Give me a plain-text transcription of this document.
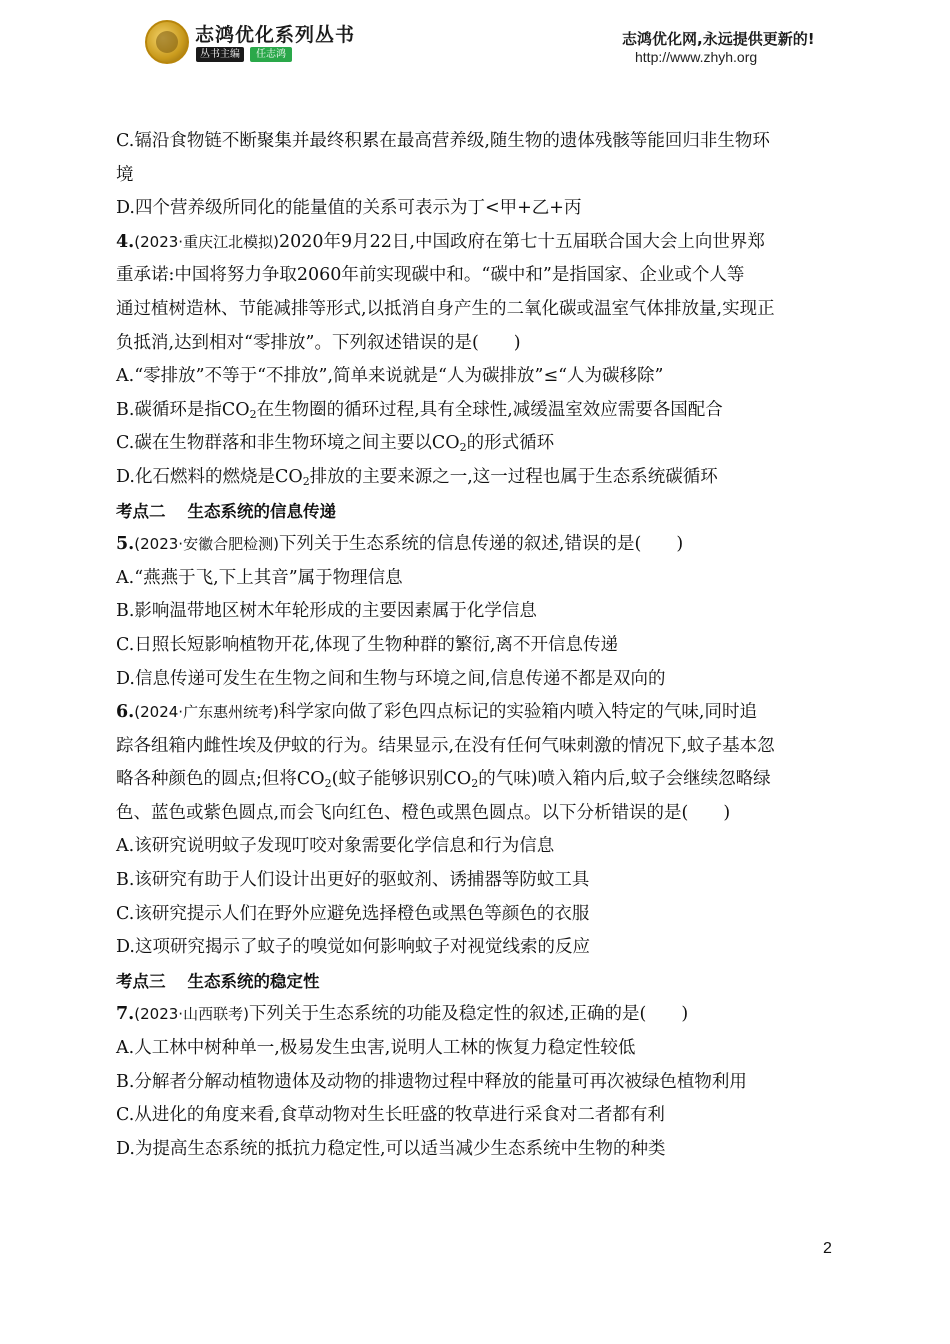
志鸿优化系列丛书
丛书主编	任志鸿
志鸿优化网,永远提供更新的!
http://www.zhyh.org

C.镉沿食物链不断聚集并最终积累在最高营养级,随生物的遗体残骸等能回归非生物环

境

D.四个营养级所同化的能量值的关系可表示为丁<甲+乙+丙

4.(2023·重庆江北模拟)2020年9月22日,中国政府在第七十五届联合国大会上向世界郑

重承诺:中国将努力争取2060年前实现碳中和。“碳中和”是指国家、企业或个人等

通过植树造林、节能减排等形式,以抵消自身产生的二氧化碳或温室气体排放量,实现正

负抵消,达到相对“零排放”。下列叙述错误的是(　　)

A.“零排放”不等于“不排放”,简单来说就是“人为碳排放”≤“人为碳移除”

B.碳循环是指$CO_2$在生物圈的循环过程,具有全球性,减缓温室效应需要各国配合

C.碳在生物群落和非生物环境之间主要以$CO_2$的形式循环

D.化石燃料的燃烧是$CO_2$排放的主要来源之一,这一过程也属于生态系统碳循环

考点二 生态系统的信息传递

5.(2023·安徽合肥检测)下列关于生态系统的信息传递的叙述,错误的是(　　)

A.“燕燕于飞,下上其音”属于物理信息

B.影响温带地区树木年轮形成的主要因素属于化学信息

C.日照长短影响植物开花,体现了生物种群的繁衍,离不开信息传递

D.信息传递可发生在生物之间和生物与环境之间,信息传递不都是双向的

6.(2024·广东惠州统考)科学家向做了彩色四点标记的实验箱内喷入特定的气味,同时追

踪各组箱内雌性埃及伊蚊的行为。结果显示,在没有任何气味刺激的情况下,蚊子基本忽

略各种颜色的圆点;但将$CO_2$(蚊子能够识别$CO_2$的气味)喷入箱内后,蚊子会继续忽略绿

色、蓝色或紫色圆点,而会飞向红色、橙色或黑色圆点。以下分析错误的是(　　)

A.该研究说明蚊子发现叮咬对象需要化学信息和行为信息

B.该研究有助于人们设计出更好的驱蚊剂、诱捕器等防蚊工具

C.该研究提示人们在野外应避免选择橙色或黑色等颜色的衣服

D.这项研究揭示了蚊子的嗅觉如何影响蚊子对视觉线索的反应

考点三 生态系统的稳定性

7.(2023·山西联考)下列关于生态系统的功能及稳定性的叙述,正确的是(　　)

A.人工林中树种单一,极易发生虫害,说明人工林的恢复力稳定性较低

B.分解者分解动植物遗体及动物的排遗物过程中释放的能量可再次被绿色植物利用

C.从进化的角度来看,食草动物对生长旺盛的牧草进行采食对二者都有利

D.为提高生态系统的抵抗力稳定性,可以适当减少生态系统中生物的种类

2
